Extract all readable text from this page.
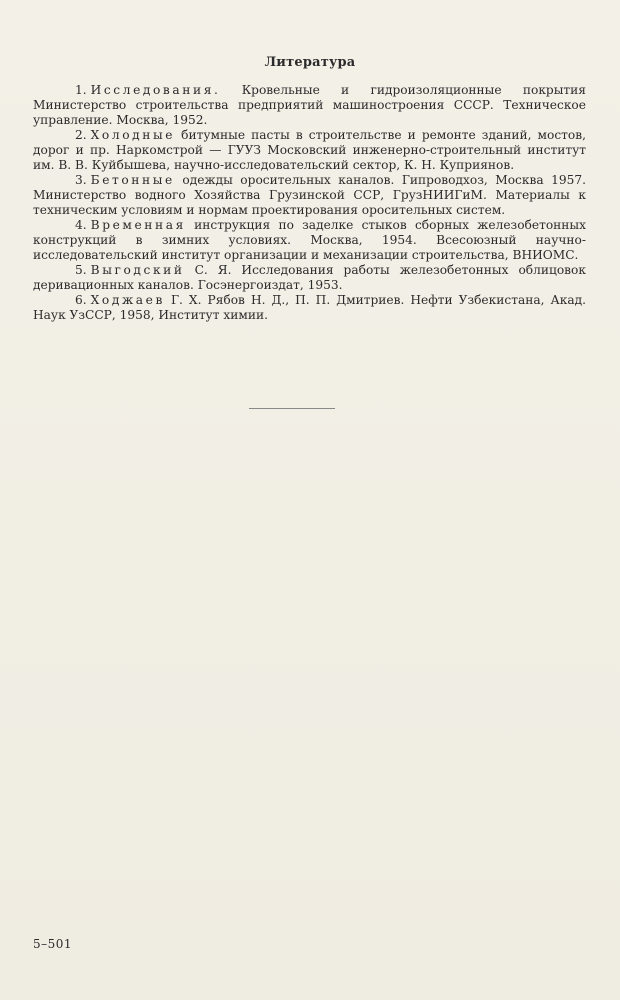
Литература

1. Исследования. Кровельные и гидроизоляционные покрытия Министерство строительства предприятий машиностроения СССР. Техническое управление. Москва, 1952.

2. Холодные битумные пасты в строительстве и ремонте зданий, мостов, дорог и пр. Наркомстрой — ГУУЗ Московский инженерно-строительный институт им. В. В. Куйбышева, научно-исследовательский сектор, К. Н. Куприянов.

3. Бетонные одежды оросительных каналов. Гипроводхоз, Москва 1957. Министерство водного Хозяйства Грузинской ССР, ГрузНИИГиМ. Материалы к техническим условиям и нормам проектирования оросительных систем.

4. Временная инструкция по заделке стыков сборных железобетонных конструкций в зимних условиях. Москва, 1954. Всесоюзный научно-исследовательский институт организации и механизации строительства, ВНИОМС.

5. Выгодский С. Я. Исследования работы железобетонных облицовок деривационных каналов. Госэнергоиздат, 1953.

6. Ходжаев Г. Х. Рябов Н. Д., П. П. Дмитриев. Нефти Узбекистана, Акад. Наук УзССР, 1958, Институт химии.

5–501
